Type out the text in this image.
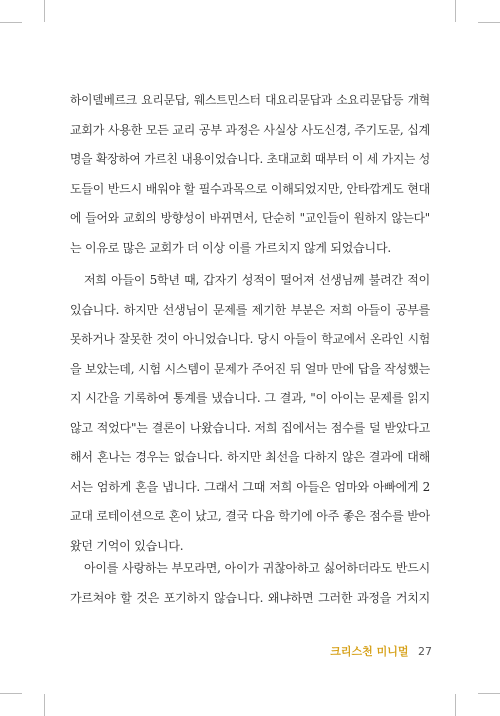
하이델베르크 요리문답, 웨스트민스터 대요리문답과 소요리문답등 개혁
교회가 사용한 모든 교리 공부 과정은 사실상 사도신경, 주기도문, 십계
명을 확장하여 가르친 내용이었습니다. 초대교회 때부터 이 세 가지는 성
도들이 반드시 배워야 할 필수과목으로 이해되었지만, 안타깝게도 현대
에 들어와 교회의 방향성이 바뀌면서, 단순히 "교인들이 원하지 않는다"
는 이유로 많은 교회가 더 이상 이를 가르치지 않게 되었습니다.
저희 아들이 5학년 때, 갑자기 성적이 떨어져 선생님께 불려간 적이
있습니다. 하지만 선생님이 문제를 제기한 부분은 저희 아들이 공부를
못하거나 잘못한 것이 아니었습니다. 당시 아들이 학교에서 온라인 시험
을 보았는데, 시험 시스템이 문제가 주어진 뒤 얼마 만에 답을 작성했는
지 시간을 기록하여 통계를 냈습니다. 그 결과, "이 아이는 문제를 읽지
않고 적었다"는 결론이 나왔습니다. 저희 집에서는 점수를 덜 받았다고
해서 혼나는 경우는 없습니다. 하지만 최선을 다하지 않은 결과에 대해
서는 엄하게 혼을 냅니다. 그래서 그때 저희 아들은 엄마와 아빠에게 2
교대 로테이션으로 혼이 났고, 결국 다음 학기에 아주 좋은 점수를 받아
왔던 기억이 있습니다.
아이를 사랑하는 부모라면, 아이가 귀찮아하고 싫어하더라도 반드시
가르쳐야 할 것은 포기하지 않습니다. 왜냐하면 그러한 과정을 거치지
크리스천 미니멀 27
